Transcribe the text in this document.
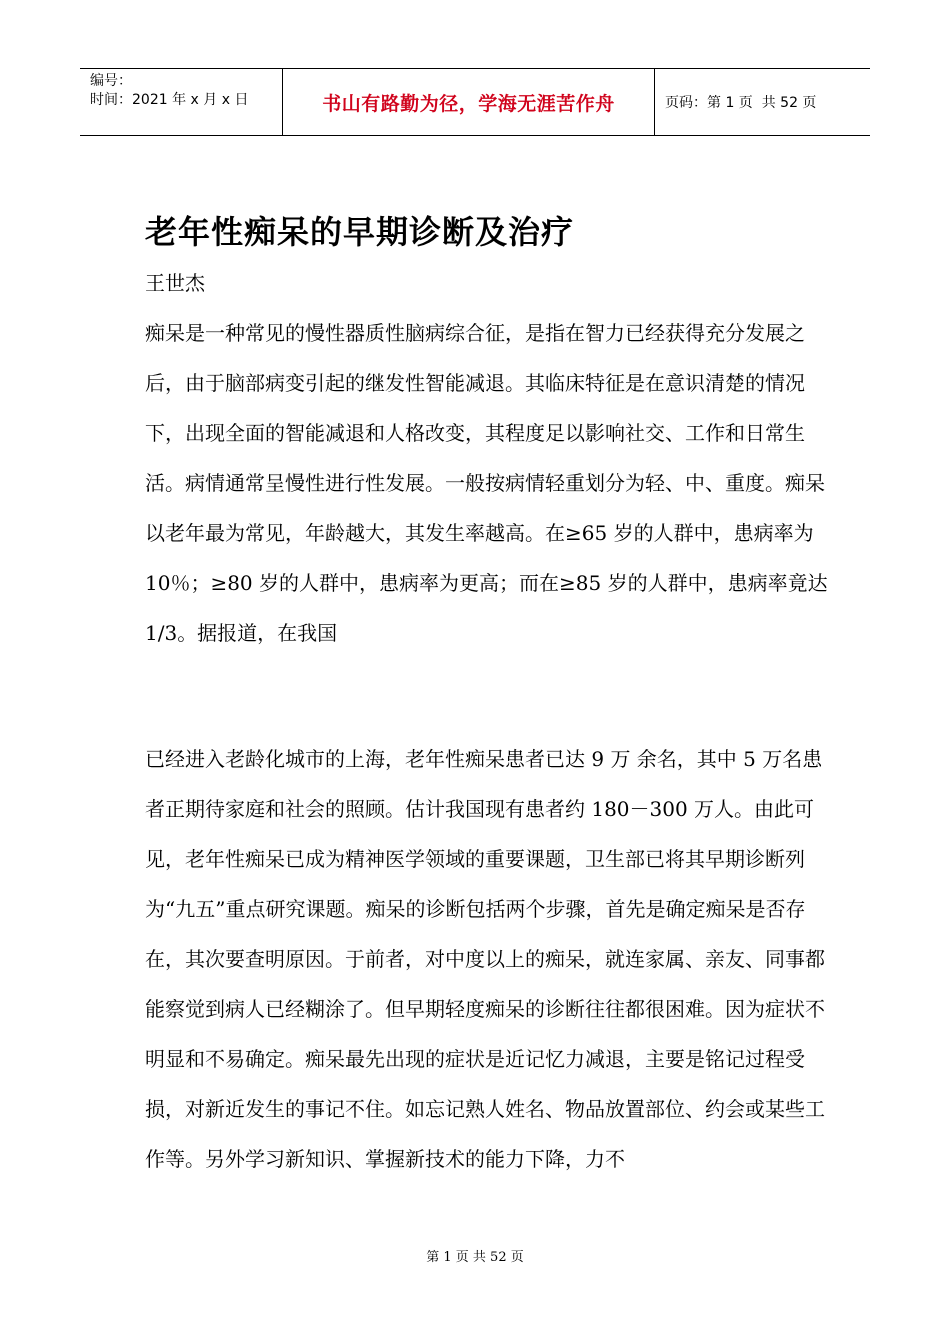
编号：
时间：2021 年 x 月 x 日	书山有路勤为径，学海无涯苦作舟	页码：第 1 页  共 52 页
老年性痴呆的早期诊断及治疗
王世杰

痴呆是一种常见的慢性器质性脑病综合征，是指在智力已经获得充分发展之后，由于脑部病变引起的继发性智能减退。其临床特征是在意识清楚的情况下，出现全面的智能减退和人格改变，其程度足以影响社交、工作和日常生活。病情通常呈慢性进行性发展。一般按病情轻重划分为轻、中、重度。痴呆以老年最为常见，年龄越大，其发生率越高。在≥65 岁的人群中，患病率为 10％；≥80 岁的人群中，患病率为更高；而在≥85 岁的人群中，患病率竟达 1/3。据报道，在我国

已经进入老龄化城市的上海，老年性痴呆患者已达 9 万 余名，其中 5 万名患者正期待家庭和社会的照顾。估计我国现有患者约 180－300 万人。由此可见，老年性痴呆已成为精神医学领域的重要课题，卫生部已将其早期诊断列为“九五”重点研究课题。痴呆的诊断包括两个步骤，首先是确定痴呆是否存在，其次要查明原因。于前者，对中度以上的痴呆，就连家属、亲友、同事都能察觉到病人已经糊涂了。但早期轻度痴呆的诊断往往都很困难。因为症状不明显和不易确定。痴呆最先出现的症状是近记忆力减退，主要是铭记过程受损，对新近发生的事记不住。如忘记熟人姓名、物品放置部位、约会或某些工作等。另外学习新知识、掌握新技术的能力下降，力不

第 1 页 共 52 页
